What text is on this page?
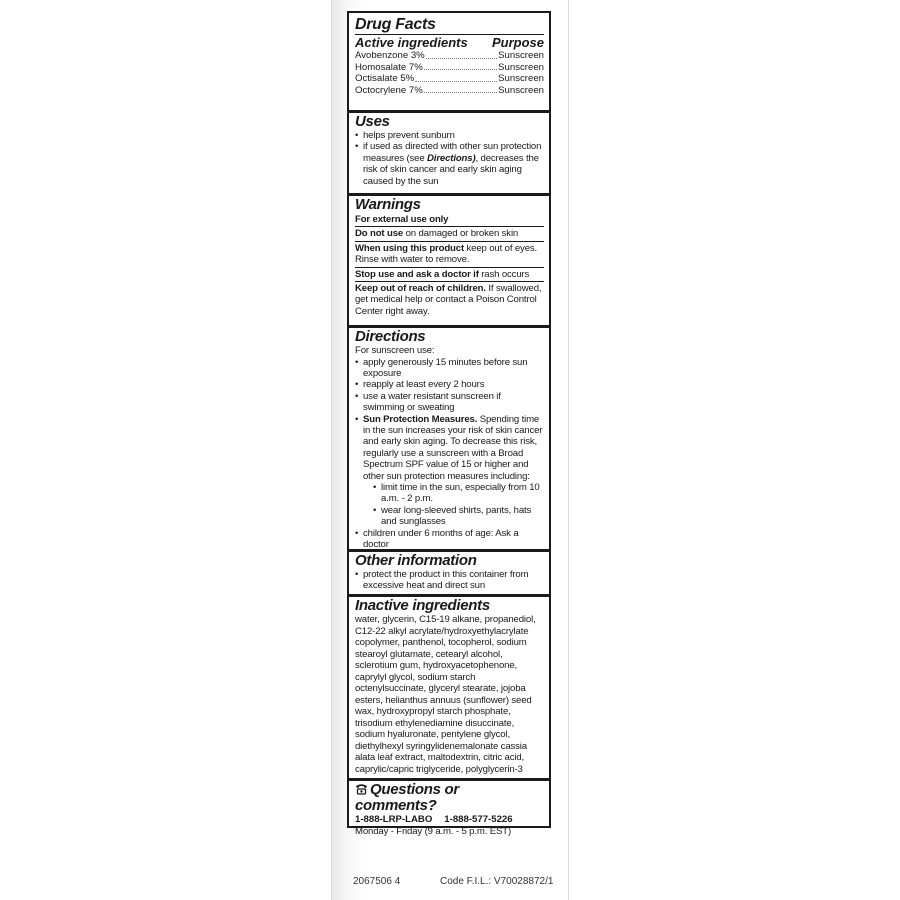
Drug Facts
Active ingredients Purpose
Avobenzone 3%	Sunscreen
Homosalate 7%	Sunscreen
Octisalate 5%	Sunscreen
Octocrylene 7%	Sunscreen
Uses
• helps prevent sunburn
• if used as directed with other sun protection measures (see Directions), decreases the risk of skin cancer and early skin aging caused by the sun
Warnings
For external use only
Do not use on damaged or broken skin
When using this product keep out of eyes. Rinse with water to remove.
Stop use and ask a doctor if rash occurs
Keep out of reach of children. If swallowed, get medical help or contact a Poison Control Center right away.
Directions
For sunscreen use:
• apply generously 15 minutes before sun exposure
• reapply at least every 2 hours
• use a water resistant sunscreen if swimming or sweating
• Sun Protection Measures. Spending time in the sun increases your risk of skin cancer and early skin aging. To decrease this risk, regularly use a sunscreen with a Broad Spectrum SPF value of 15 or higher and other sun protection measures including:
• limit time in the sun, especially from 10 a.m. - 2 p.m.
• wear long-sleeved shirts, pants, hats and sunglasses
• children under 6 months of age: Ask a doctor
Other information
• protect the product in this container from excessive heat and direct sun
Inactive ingredients
water, glycerin, C15-19 alkane, propanediol, C12-22 alkyl acrylate/hydroxyethylacrylate copolymer, panthenol, tocopherol, sodium stearoyl glutamate, cetearyl alcohol, sclerotium gum, hydroxyacetophenone, caprylyl glycol, sodium starch octenylsuccinate, glyceryl stearate, jojoba esters, helianthus annuus (sunflower) seed wax, hydroxypropyl starch phosphate, trisodium ethylenediamine disuccinate, sodium hyaluronate, pentylene glycol, diethylhexyl syringylidenemalonate cassia alata leaf extract, maltodextrin, citric acid, caprylic/capric triglyceride, polyglycerin-3
Questions or comments?
1-888-LRP-LABO 1-888-577-5226
Monday - Friday (9 a.m. - 5 p.m. EST)
2067506 4	Code F.I.L.: V70028872/1
